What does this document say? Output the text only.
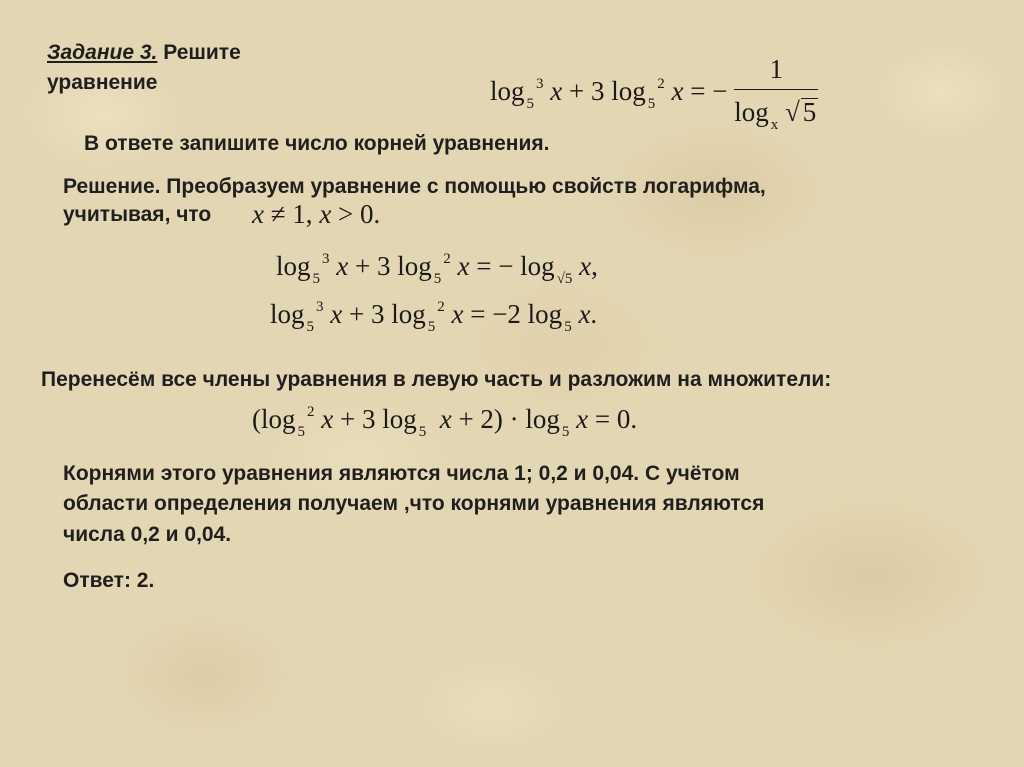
Задание 3. Решите
уравнение	log $_5^3$ x + 3 log $_5^2$ x = − $\frac{1}{\log _x √ 5}$
В ответе запишите число корней уравнения.
Решение. Преобразуем уравнение с помощью свойств логарифма,
учитывая, что x ≠ 1, x > 0.
log $_5^3$ x + 3 log $_5^2$ x = − log $_{√5}$ x,
log $_5^3$ x + 3 log $_5^2$ x = −2 log $_5$ x.
Перенесём все члены уравнения в левую часть и разложим на множители:
(log $_5^2$ x + 3 log $_5$ x + 2) · log $_5$ x = 0.
Корнями этого уравнения являются числа 1; 0,2 и 0,04. С учётом
области определения получаем ,что корнями уравнения являются
числа 0,2 и 0,04.
Ответ: 2.
